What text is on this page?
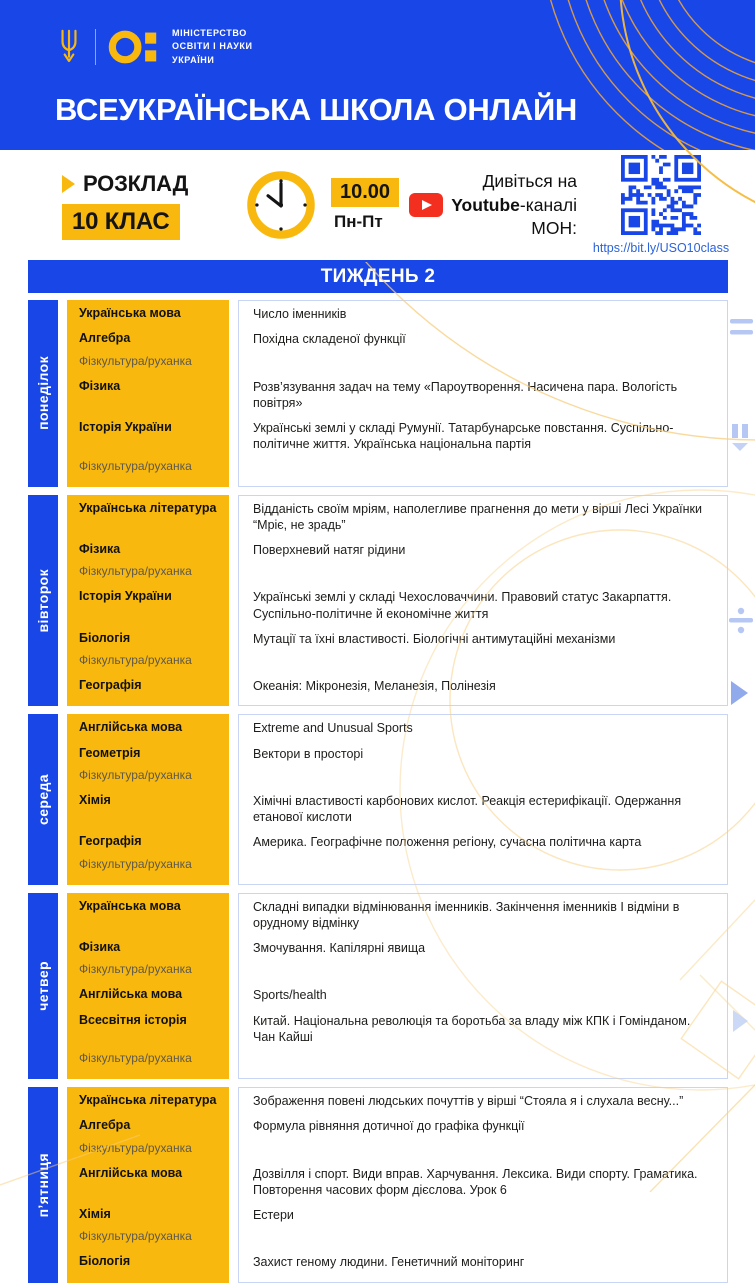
МІНІСТЕРСТВО
ОСВІТИ І НАУКИ
УКРАЇНИ
ВСЕУКРАЇНСЬКА ШКОЛА ОНЛАЙН
РОЗКЛАД
10 КЛАС
10.00
Пн-Пт
Дивіться на
Youtube-каналі
МОН:
https://bit.ly/USO10class
ТИЖДЕНЬ 2
понеділок
Українська мова	Число іменників
Алгебра	Похідна складеної функції
Фізкультура/руханка
Фізика	Розв’язування задач на тему «Пароутворення. Насичена пара. Вологість повітря»
Історія України	Українські землі у складі Румунії. Татарбунарське повстання. Суспільно-політичне життя. Українська національна партія
Фізкультура/руханка
вівторок
Українська література	Відданість своїм мріям, наполегливе прагнення до мети у вірші Лесі Українки “Мріє, не зрадь”
Фізика	Поверхневий натяг рідини
Фізкультура/руханка
Історія України	Українські землі у складі Чехословаччини. Правовий статус Закарпаття. Суспільно-політичне й економічне життя
Біологія	Мутації та їхні властивості. Біологічні антимутаційні механізми
Фізкультура/руханка
Географія	Океанія: Мікронезія, Меланезія, Полінезія
середа
Англійська мова	Extreme and Unusual Sports
Геометрія	Вектори в просторі
Фізкультура/руханка
Хімія	Хімічні властивості карбонових кислот. Реакція естерифікації. Одержання етанової кислоти
Географія	Америка. Географічне положення регіону, сучасна політична карта
Фізкультура/руханка
четвер
Українська мова	Складні випадки відмінювання іменників. Закінчення іменників І відміни в орудному відмінку
Фізика	Змочування. Капілярні явища
Фізкультура/руханка
Англійська мова	Sports/health
Всесвітня історія	Китай. Національна революція та боротьба за владу між КПК і Гомінданом. Чан Кайші
Фізкультура/руханка
п’ятниця
Українська література	Зображення повені людських почуттів у вірші “Стояла я і слухала весну...”
Алгебра	Формула рівняння дотичної до графіка функції
Фізкультура/руханка
Англійська мова	Дозвілля і спорт. Види вправ. Харчування. Лексика. Види спорту. Граматика. Повторення часових форм дієслова. Урок 6
Хімія	Естери
Фізкультура/руханка
Біологія	Захист геному людини. Генетичний моніторинг
